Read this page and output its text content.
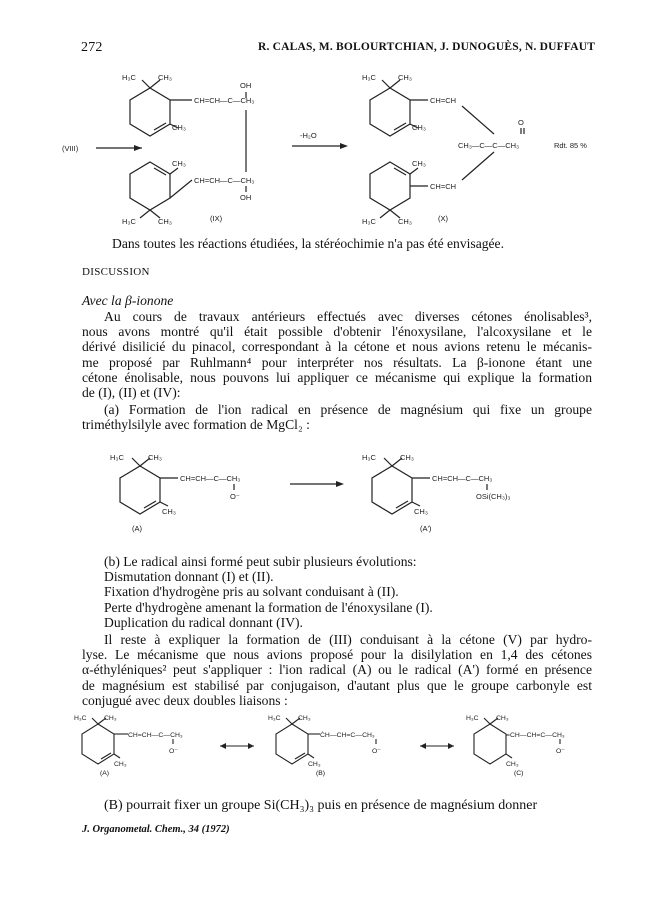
272	R. CALAS, M. BOLOURTCHIAN, J. DUNOGUÈS, N. DUFFAUT
(VIII)
H₃C	CH₃
CH₃
OH
CH=CH—C—CH₃
CH₃
CH=CH—C—CH₃
OH
H₃C	CH₃
-H₂O
H₃C	CH₃
CH=CH
CH₃
O
CH₃—C—C—CH₃	Rdt. 85 %
CH₃
CH=CH
H₃C	CH₃
(IX)	(X)
Dans toutes les réactions étudiées, la stéréochimie n'a pas été envisagée.
DISCUSSION
Avec la β-ionone
Au cours de travaux antérieurs effectués avec diverses cétones énolisables³,
nous avons montré qu'il était possible d'obtenir l'énoxysilane, l'alcoxysilane et le
dérivé disilicié du pinacol, correspondant à la cétone et nous avions retenu le mécanis-
me proposé par Ruhlmann⁴ pour interpréter nos résultats. La β-ionone étant une
cétone énolisable, nous pouvons lui appliquer ce mécanisme qui explique la formation
de (I), (II) et (IV):
(a) Formation de l'ion radical en présence de magnésium qui fixe un groupe
triméthylsilyle avec formation de MgCl₂ :
H₃C	CH₃
CH=CH—C—CH₃
O⁻
CH₃
H₃C	CH₃
CH=CH—C—CH₃
OSi(CH₃)₃
CH₃
(A)	(A')
(b) Le radical ainsi formé peut subir plusieurs évolutions:
Dismutation donnant (I) et (II).
Fixation d'hydrogène pris au solvant conduisant à (II).
Perte d'hydrogène amenant la formation de l'énoxysilane (I).
Duplication du radical donnant (IV).
Il reste à expliquer la formation de (III) conduisant à la cétone (V) par hydro-
lyse. Le mécanisme que nous avions proposé pour la disilylation en 1,4 des cétones
α-éthyléniques² peut s'appliquer : l'ion radical (A) ou le radical (A') formé en présence
de magnésium est stabilisé par conjugaison, d'autant plus que le groupe carbonyle est
conjugué avec deux doubles liaisons :
H₃C	CH₃
CH=CH—C—CH₃
O⁻
CH₃
H₃C	CH₃
ĊH—CH=C—CH₃
O⁻
CH₃
H₃C	CH₃
=CH—CH=C—CH₃
O⁻
CH₃
(A)	(B)	(C)
(B) pourrait fixer un groupe Si(CH₃)₃ puis en présence de magnésium donner
J. Organometal. Chem., 34 (1972)
